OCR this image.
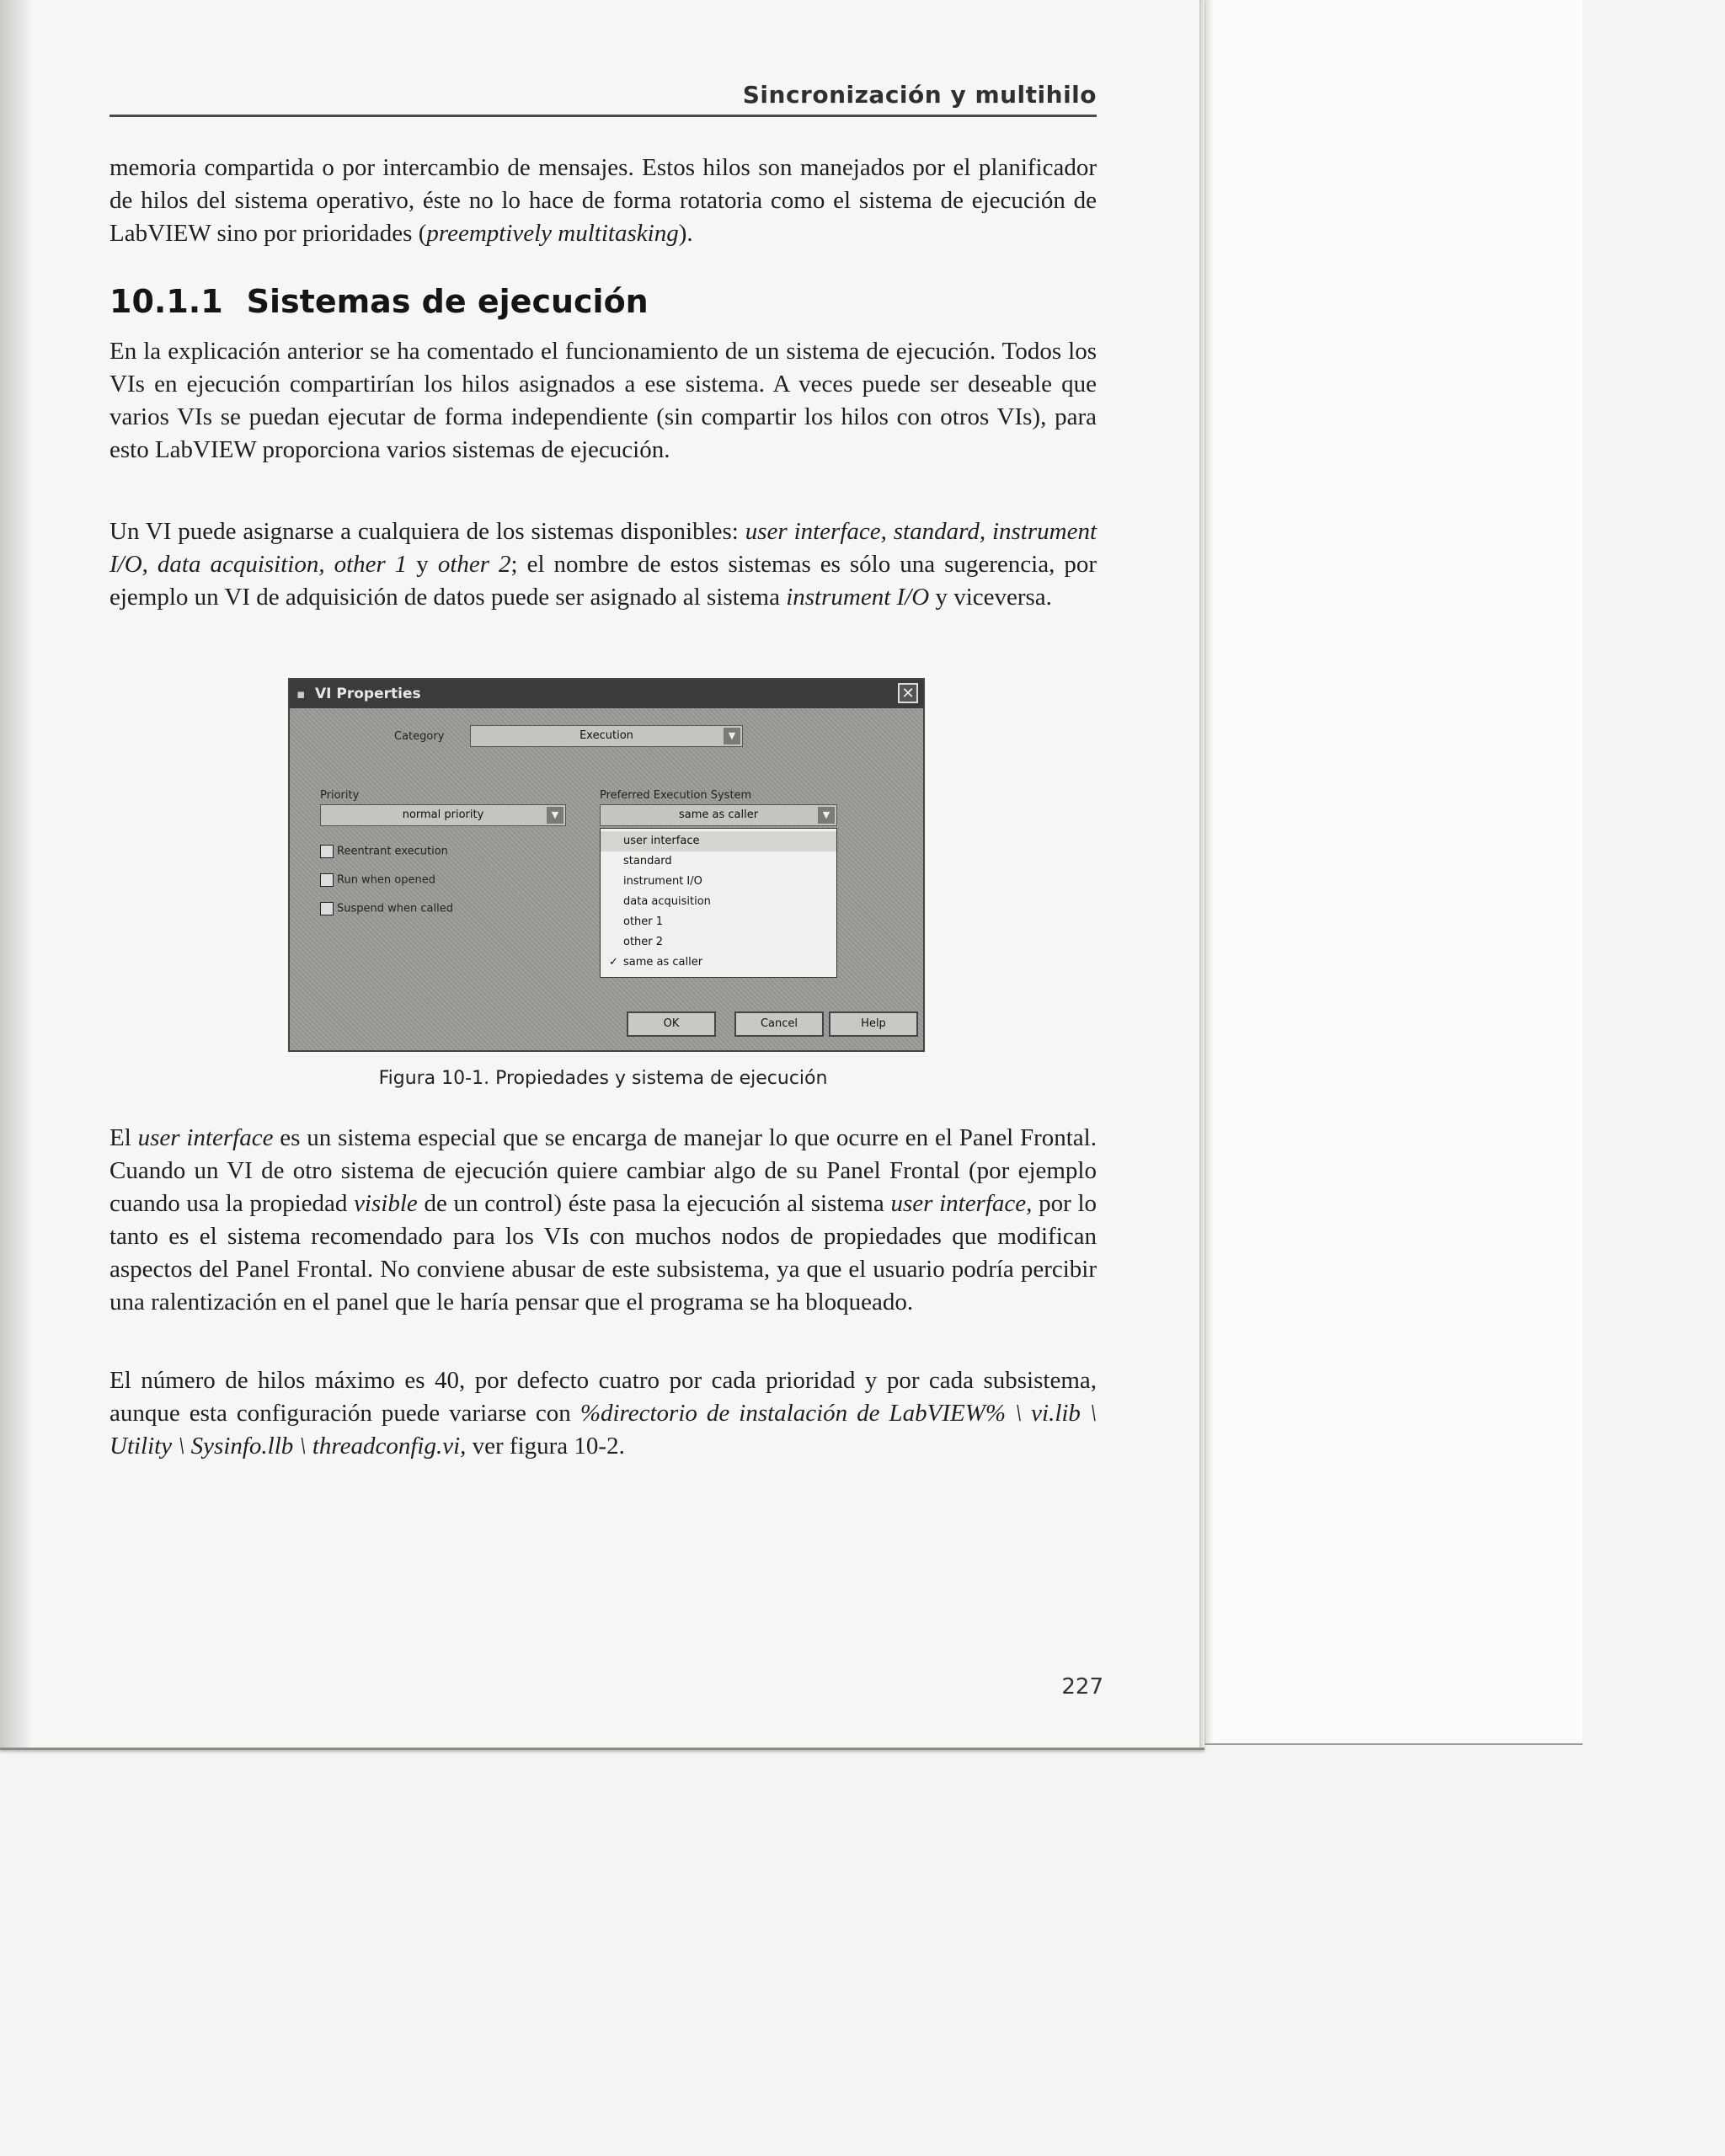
Sincronización y multihilo

memoria compartida o por intercambio de mensajes. Estos hilos son manejados por el planificador de hilos del sistema operativo, éste no lo hace de forma rotatoria como el sistema de ejecución de LabVIEW sino por prioridades (preemptively multitasking).

10.1.1 Sistemas de ejecución

En la explicación anterior se ha comentado el funcionamiento de un sistema de ejecución. Todos los VIs en ejecución compartirían los hilos asignados a ese sistema. A veces puede ser deseable que varios VIs se puedan ejecutar de forma independiente (sin compartir los hilos con otros VIs), para esto LabVIEW proporciona varios sistemas de ejecución.

Un VI puede asignarse a cualquiera de los sistemas disponibles: user interface, standard, instrument I/O, data acquisition, other 1 y other 2; el nombre de estos sistemas es sólo una sugerencia, por ejemplo un VI de adquisición de datos puede ser asignado al sistema instrument I/O y viceversa.

▪ VI Properties	✕
Category	Execution	▼
Priority
normal priority	▼
Reentrant execution
Run when opened
Suspend when called
Preferred Execution System
same as caller	▼
user interface
standard
instrument I/O
data acquisition
other 1
other 2
✓ same as caller
OK	Cancel	Help
Figura 10-1. Propiedades y sistema de ejecución

El user interface es un sistema especial que se encarga de manejar lo que ocurre en el Panel Frontal. Cuando un VI de otro sistema de ejecución quiere cambiar algo de su Panel Frontal (por ejemplo cuando usa la propiedad visible de un control) éste pasa la ejecución al sistema user interface, por lo tanto es el sistema recomendado para los VIs con muchos nodos de propiedades que modifican aspectos del Panel Frontal. No conviene abusar de este subsistema, ya que el usuario podría percibir una ralentización en el panel que le haría pensar que el programa se ha bloqueado.

El número de hilos máximo es 40, por defecto cuatro por cada prioridad y por cada subsistema, aunque esta configuración puede variarse con %directorio de instalación de LabVIEW% \ vi.lib \ Utility \ Sysinfo.llb \ threadconfig.vi, ver figura 10-2.

227
